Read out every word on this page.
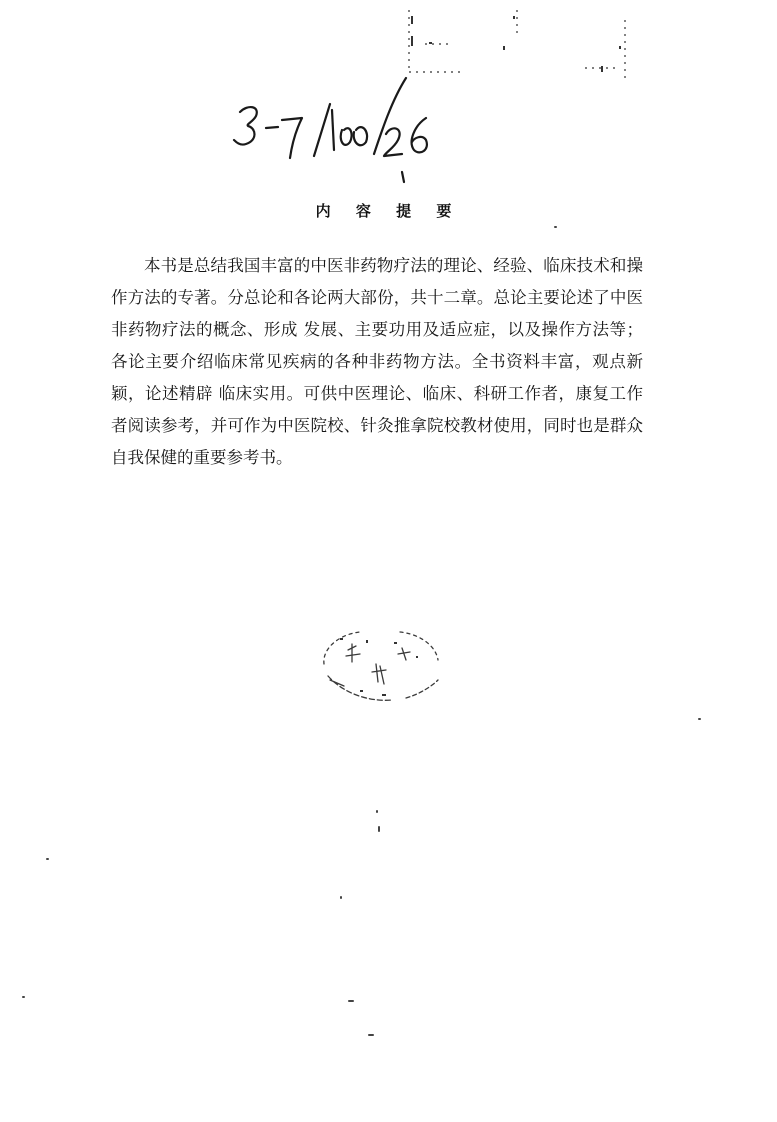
内 容 提 要

本书是总结我国丰富的中医非药物疗法的理论、经验、临床技术和操作方法的专著。分总论和各论两大部份，共十二章。总论主要论述了中医非药物疗法的概念、形成 发展、主要功用及适应症，以及操作方法等；各论主要介绍临床常见疾病的各种非药物方法。全书资料丰富，观点新颖，论述精辟 临床实用。可供中医理论、临床、科研工作者，康复工作者阅读参考，并可作为中医院校、针灸推拿院校教材使用，同时也是群众自我保健的重要参考书。
